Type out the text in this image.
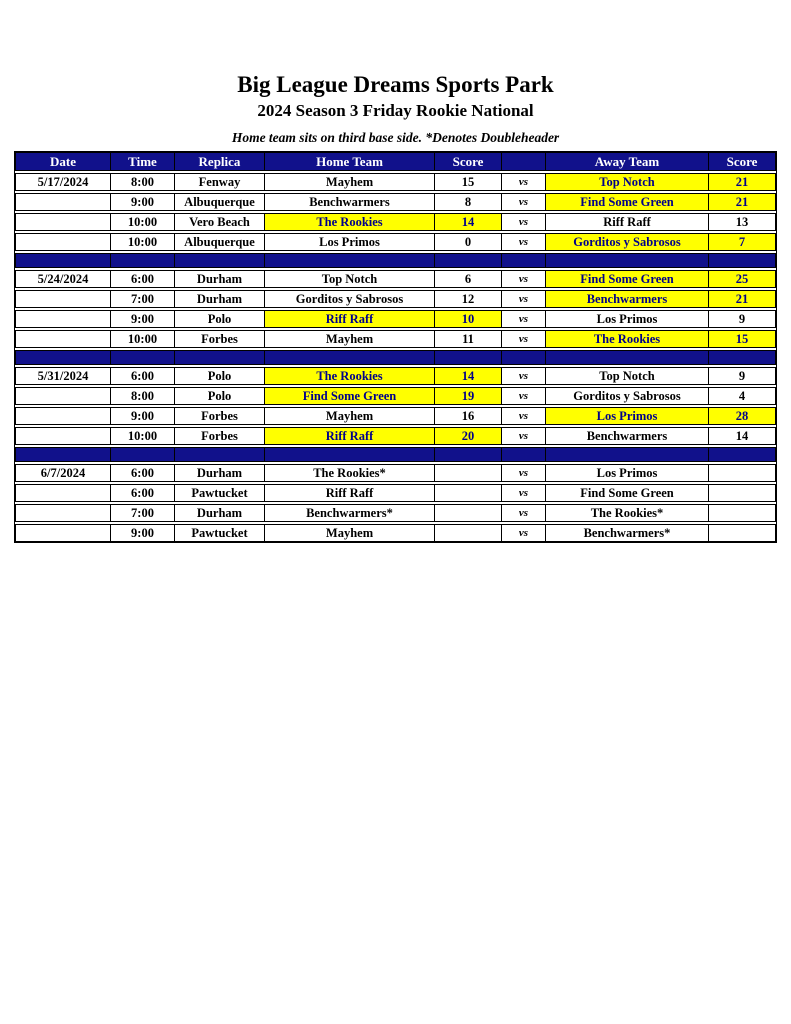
Big League Dreams Sports Park
2024 Season 3 Friday Rookie National
Home team sits on third base side. *Denotes Doubleheader
Date	Time	Replica	Home Team	Score	Away Team	Score
5/17/2024	8:00	Fenway	Mayhem	15	vs	Top Notch	21
9:00	Albuquerque	Benchwarmers	8	vs	Find Some Green	21
10:00	Vero Beach	The Rookies	14	vs	Riff Raff	13
10:00	Albuquerque	Los Primos	0	vs	Gorditos y Sabrosos	7
5/24/2024	6:00	Durham	Top Notch	6	vs	Find Some Green	25
7:00	Durham	Gorditos y Sabrosos	12	vs	Benchwarmers	21
9:00	Polo	Riff Raff	10	vs	Los Primos	9
10:00	Forbes	Mayhem	11	vs	The Rookies	15
5/31/2024	6:00	Polo	The Rookies	14	vs	Top Notch	9
8:00	Polo	Find Some Green	19	vs	Gorditos y Sabrosos	4
9:00	Forbes	Mayhem	16	vs	Los Primos	28
10:00	Forbes	Riff Raff	20	vs	Benchwarmers	14
6/7/2024	6:00	Durham	The Rookies*	vs	Los Primos
6:00	Pawtucket	Riff Raff	vs	Find Some Green
7:00	Durham	Benchwarmers*	vs	The Rookies*
9:00	Pawtucket	Mayhem	vs	Benchwarmers*
